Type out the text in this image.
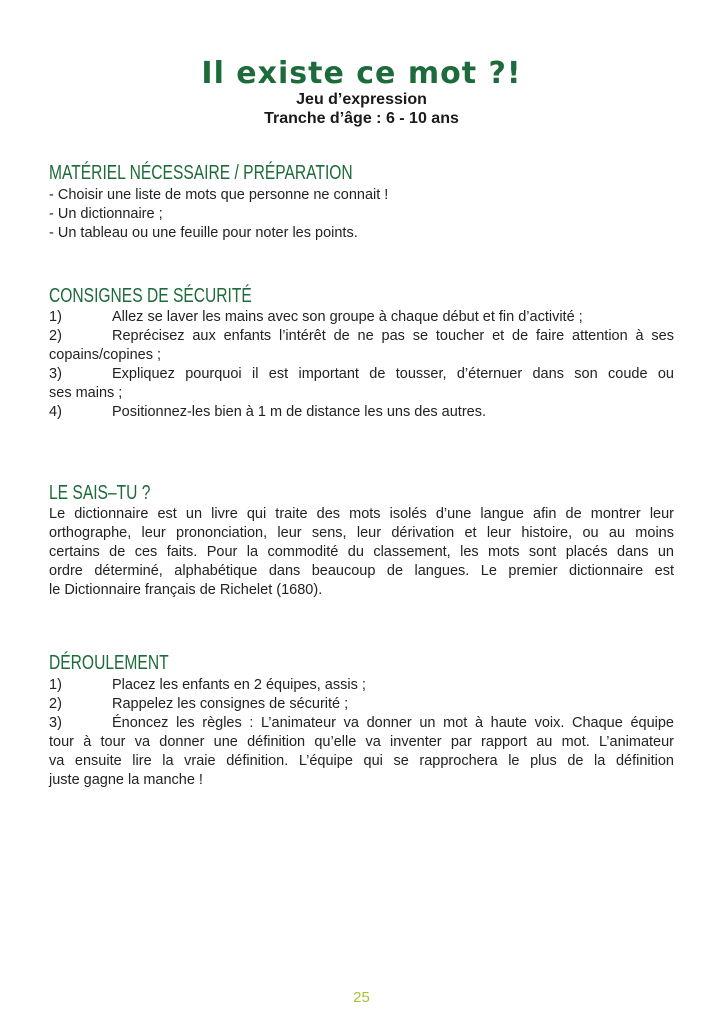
Il existe ce mot ?!
Jeu d’expression
Tranche d’âge : 6 - 10 ans
MATÉRIEL NÉCESSAIRE / PRÉPARATION
- Choisir une liste de mots que personne ne connait !
- Un dictionnaire ;
- Un tableau ou une feuille pour noter les points.
CONSIGNES DE SÉCURITÉ
1)	Allez se laver les mains avec son groupe à chaque début et fin d’activité ;
2)	Reprécisez aux enfants l’intérêt de ne pas se toucher et de faire attention à ses
copains/copines ;
3)	Expliquez pourquoi il est important de tousser, d’éternuer dans son coude ou
ses mains ;
4)	Positionnez-les bien à 1 m de distance les uns des autres.
LE SAIS–TU ?
Le dictionnaire est un livre qui traite des mots isolés d’une langue afin de montrer leur
orthographe, leur prononciation, leur sens, leur dérivation et leur histoire, ou au moins
certains de ces faits. Pour la commodité du classement, les mots sont placés dans un
ordre déterminé, alphabétique dans beaucoup de langues. Le premier dictionnaire est
le Dictionnaire français de Richelet (1680).
DÉROULEMENT
1)	Placez les enfants en 2 équipes, assis ;
2)	Rappelez les consignes de sécurité ;
3)	Énoncez les règles : L’animateur va donner un mot à haute voix. Chaque équipe
tour à tour va donner une définition qu’elle va inventer par rapport au mot. L’animateur
va ensuite lire la vraie définition. L’équipe qui se rapprochera le plus de la définition
juste gagne la manche !
25
